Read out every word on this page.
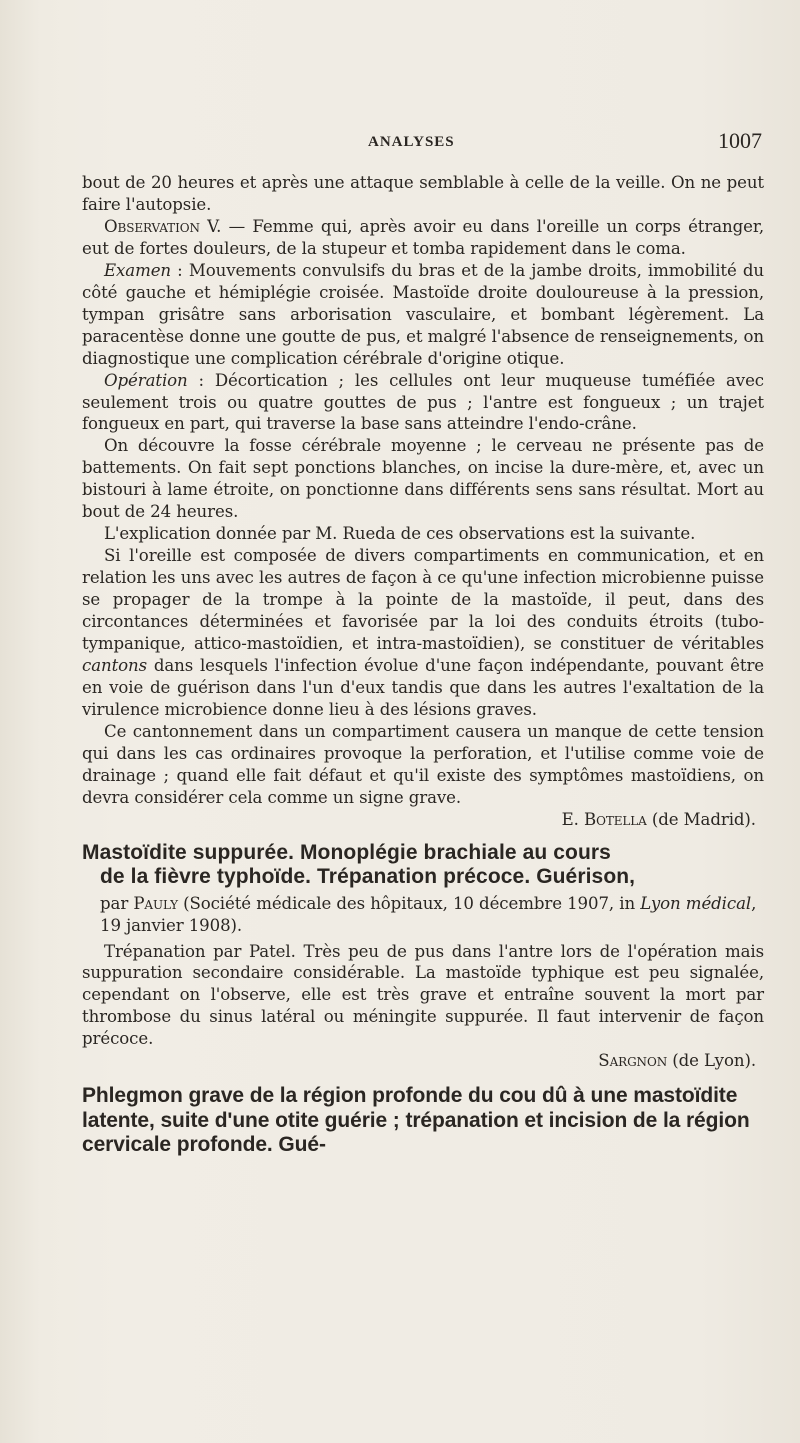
ANALYSES	1007

bout de 20 heures et après une attaque semblable à celle de la veille. On ne peut faire l'autopsie.

Observation V. — Femme qui, après avoir eu dans l'oreille un corps étranger, eut de fortes douleurs, de la stupeur et tomba rapidement dans le coma.

Examen : Mouvements convulsifs du bras et de la jambe droits, immobilité du côté gauche et hémiplégie croisée. Mastoïde droite douloureuse à la pression, tympan grisâtre sans arborisation vasculaire, et bombant légèrement. La paracentèse donne une goutte de pus, et malgré l'absence de renseignements, on diagnostique une complication cérébrale d'origine otique.

Opération : Décortication ; les cellules ont leur muqueuse tuméfiée avec seulement trois ou quatre gouttes de pus ; l'antre est fongueux ; un trajet fongueux en part, qui traverse la base sans atteindre l'endo-crâne.

On découvre la fosse cérébrale moyenne ; le cerveau ne présente pas de battements. On fait sept ponctions blanches, on incise la dure-mère, et, avec un bistouri à lame étroite, on ponctionne dans différents sens sans résultat. Mort au bout de 24 heures.

L'explication donnée par M. Rueda de ces observations est la suivante.

Si l'oreille est composée de divers compartiments en communication, et en relation les uns avec les autres de façon à ce qu'une infection microbienne puisse se propager de la trompe à la pointe de la mastoïde, il peut, dans des circontances déterminées et favorisée par la loi des conduits étroits (tubo-tympanique, attico-mastoïdien, et intra-mastoïdien), se constituer de véritables cantons dans lesquels l'infection évolue d'une façon indépendante, pouvant être en voie de guérison dans l'un d'eux tandis que dans les autres l'exaltation de la virulence microbience donne lieu à des lésions graves.

Ce cantonnement dans un compartiment causera un manque de cette tension qui dans les cas ordinaires provoque la perforation, et l'utilise comme voie de drainage ; quand elle fait défaut et qu'il existe des symptômes mastoïdiens, on devra considérer cela comme un signe grave.

E. Botella (de Madrid).

Mastoïdite suppurée. Monoplégie brachiale au cours
de la fièvre typhoïde. Trépanation précoce. Guérison,

par Pauly (Société médicale des hôpitaux, 10 décembre 1907, in Lyon médical, 19 janvier 1908).

Trépanation par Patel. Très peu de pus dans l'antre lors de l'opération mais suppuration secondaire considérable. La mastoïde typhique est peu signalée, cependant on l'observe, elle est très grave et entraîne souvent la mort par thrombose du sinus latéral ou méningite suppurée. Il faut intervenir de façon précoce.

Sargnon (de Lyon).

Phlegmon grave de la région profonde du cou dû à une mastoïdite latente, suite d'une otite guérie ; trépanation et incision de la région cervicale profonde. Gué-
